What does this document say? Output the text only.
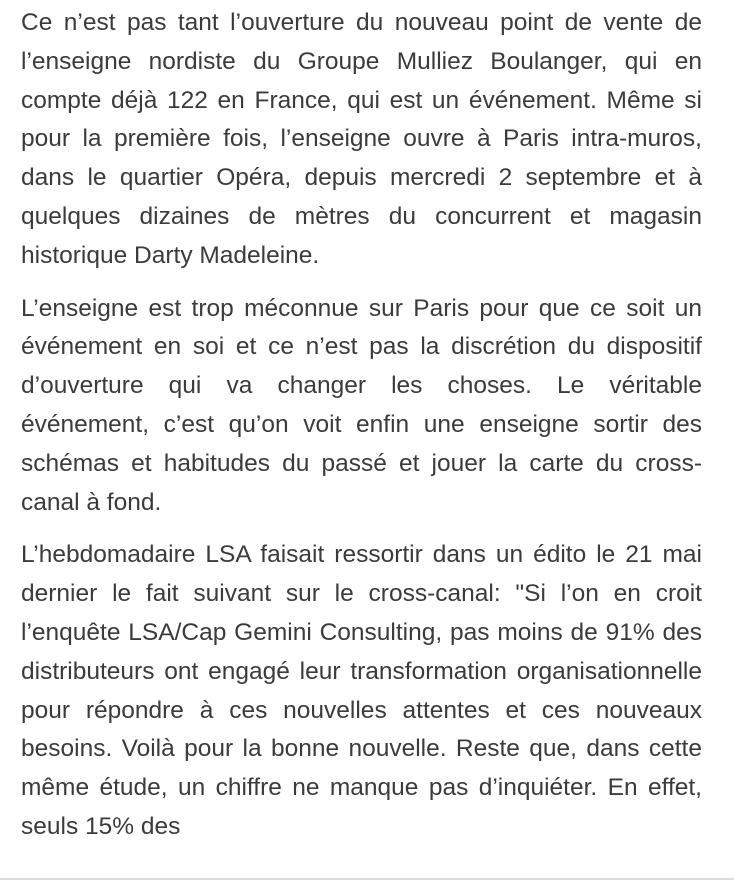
Ce n’est pas tant l’ouverture du nouveau point de vente de l’enseigne nordiste du Groupe Mulliez Boulanger, qui en compte déjà 122 en France, qui est un événement. Même si pour la première fois, l’enseigne ouvre à Paris intra-muros, dans le quartier Opéra, depuis mercredi 2 septembre et à quelques dizaines de mètres du concurrent et magasin historique Darty Madeleine.

L’enseigne est trop méconnue sur Paris pour que ce soit un événement en soi et ce n’est pas la discrétion du dispositif d’ouverture qui va changer les choses. Le véritable événement, c’est qu’on voit enfin une enseigne sortir des schémas et habitudes du passé et jouer la carte du cross-canal à fond.

L’hebdomadaire LSA faisait ressortir dans un édito le 21 mai dernier le fait suivant sur le cross-canal: "Si l’on en croit l’enquête LSA/Cap Gemini Consulting, pas moins de 91% des distributeurs ont engagé leur transformation organisationnelle pour répondre à ces nouvelles attentes et ces nouveaux besoins. Voilà pour la bonne nouvelle. Reste que, dans cette même étude, un chiffre ne manque pas d’inquiéter. En effet, seuls 15% des
